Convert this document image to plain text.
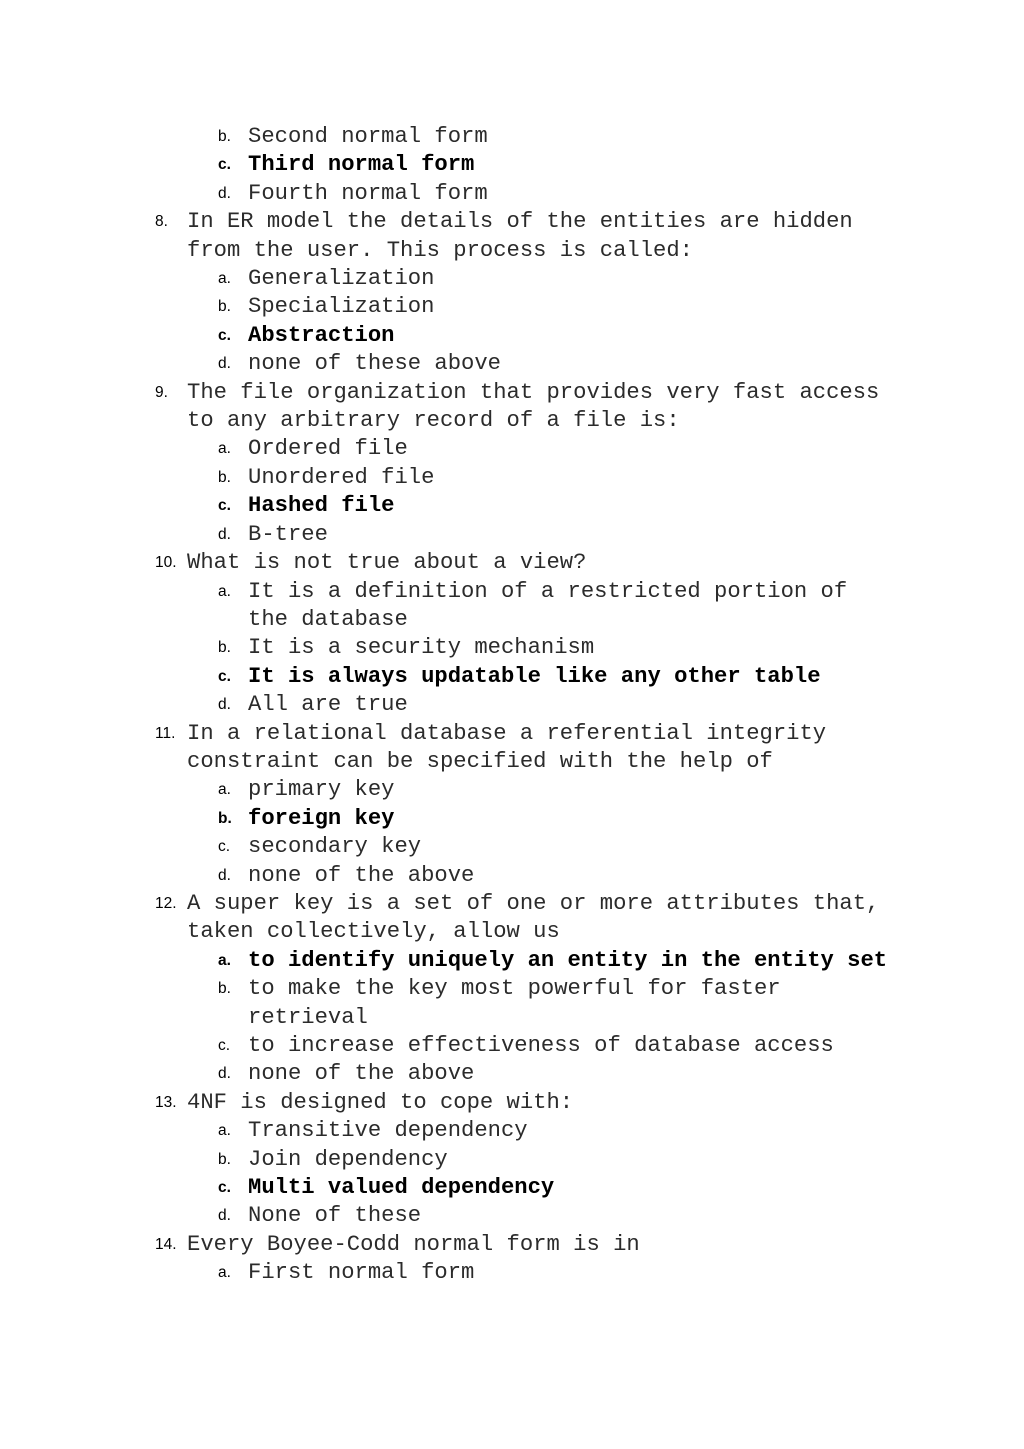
b. Second normal form
c. Third normal form
d. Fourth normal form
8. In ER model the details of the entities are hidden from the user. This process is called:
a. Generalization
b. Specialization
c. Abstraction
d. none of these above
9. The file organization that provides very fast access to any arbitrary record of a file is:
a. Ordered file
b. Unordered file
c. Hashed file
d. B-tree
10. What is not true about a view?
a. It is a definition of a restricted portion of the database
b. It is a security mechanism
c. It is always updatable like any other table
d. All are true
11. In a relational database a referential integrity constraint can be specified with the help of
a. primary key
b. foreign key
c. secondary key
d. none of the above
12. A super key is a set of one or more attributes that, taken collectively, allow us
a. to identify uniquely an entity in the entity set
b. to make the key most powerful for faster retrieval
c. to increase effectiveness of database access
d. none of the above
13. 4NF is designed to cope with:
a. Transitive dependency
b. Join dependency
c. Multi valued dependency
d. None of these
14. Every Boyee-Codd normal form is in
a. First normal form
